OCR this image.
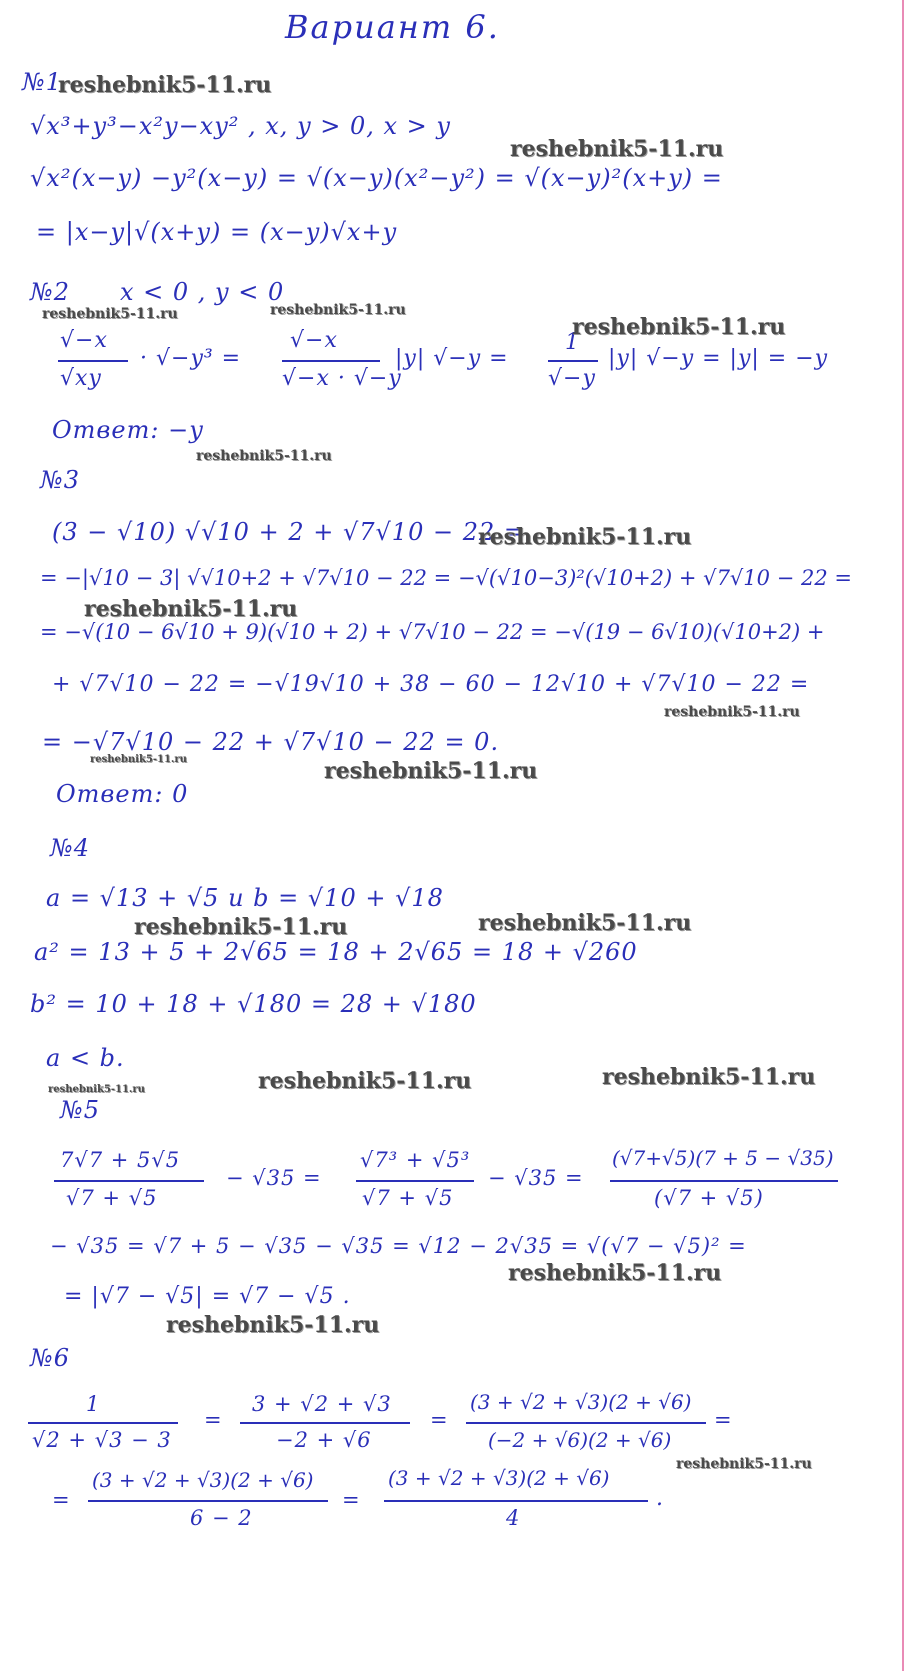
Вариант 6.
№1
√x³+y³−x²y−xy² , x, y > 0, x > y
√x²(x−y) −y²(x−y) = √(x−y)(x²−y²) = √(x−y)²(x+y) =
= |x−y|√(x+y) = (x−y)√x+y
№2 x < 0 , y < 0
√−x
√xy
· √−y³ =
√−x
√−x · √−y
|y| √−y =
1
√−y
|y| √−y = |y| = −y
Ответ: −y
№3
(3 − √10) √√10 + 2 + √7√10 − 22 =
= −|√10 − 3| √√10+2 + √7√10 − 22 = −√(√10−3)²(√10+2) + √7√10 − 22 =
= −√(10 − 6√10 + 9)(√10 + 2) + √7√10 − 22 = −√(19 − 6√10)(√10+2) +
+ √7√10 − 22 = −√19√10 + 38 − 60 − 12√10 + √7√10 − 22 =
= −√7√10 − 22 + √7√10 − 22 = 0.
Ответ: 0
№4
a = √13 + √5 и b = √10 + √18
a² = 13 + 5 + 2√65 = 18 + 2√65 = 18 + √260
b² = 10 + 18 + √180 = 28 + √180
a < b.
№5
7√7 + 5√5
√7 + √5
− √35 =
√7³ + √5³
√7 + √5
− √35 =
(√7+√5)(7 + 5 − √35)
(√7 + √5)
− √35 = √7 + 5 − √35 − √35 = √12 − 2√35 = √(√7 − √5)² =
= |√7 − √5| = √7 − √5 .
№6
1
√2 + √3 − 3
=
3 + √2 + √3
−2 + √6
=
(3 + √2 + √3)(2 + √6)
(−2 + √6)(2 + √6)
=
=
(3 + √2 + √3)(2 + √6)
6 − 2
=
(3 + √2 + √3)(2 + √6)
4
.
reshebnik5-11.ru
reshebnik5-11.ru
reshebnik5-11.ru	reshebnik5-11.ru
reshebnik5-11.ru
reshebnik5-11.ru
reshebnik5-11.ru
reshebnik5-11.ru
reshebnik5-11.ru
reshebnik5-11.ru	reshebnik5-11.ru
reshebnik5-11.ru	reshebnik5-11.ru
reshebnik5-11.ru	reshebnik5-11.ru	reshebnik5-11.ru
reshebnik5-11.ru
reshebnik5-11.ru
reshebnik5-11.ru
